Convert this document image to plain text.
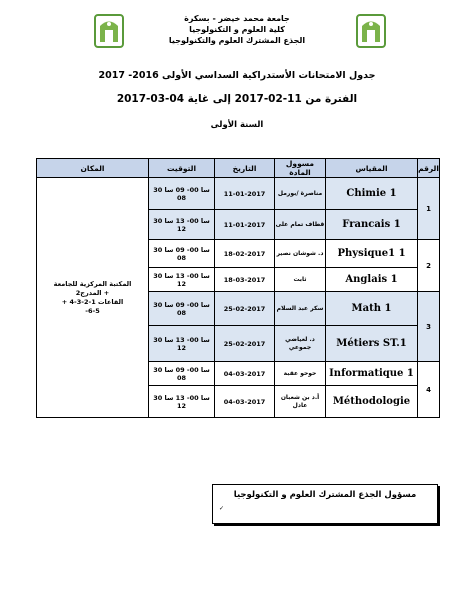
جامعة محمد خيضر - بسكرة
كلية العلوم و التكنولوجيا
الجذع المشترك العلوم والتكنولوجيا
جدول الامتحانات الأستدراكية السداسي الأولى 2016- 2017
الفترة من 11-02-2017 إلى غاية 04-03-2017
السنة الأولى
الرقم	المقياس	مسوول المادة	التاريخ	التوقيت	المكان
1	Chimie 1	مناصرة /بورمل	11-01-2017	سا 00- 09 سا 30 08	المكتبة المركزية للجامعة
+ المدرج2
القاعات 1-2-3-4 +
6-5-

	Francais 1	قطاف تمام على	11-01-2017	سا 00- 13 سا 30 12	
2	Physique1 1	د. شوشان نصير	18-02-2017	سا 00- 09 سا 30 08	
	Anglais 1	ثابت	18-03-2017	سا 00- 13 سا 30 12	
3	Math 1	سكر عبد السلام	25-02-2017	سا 00- 09 سا 30 08	
	Métiers ST.1	د. لعياضي
جموعي	25-02-2017	سا 00- 13 سا 30 12	
4	Informatique 1	حوحو عقبة	04-03-2017	سا 00- 09 سا 30 08	
	Méthodologie	أ.د بن شعبان
عادل	04-03-2017	سا 00- 13 سا 30 12	
مسؤول الجذع المشترك العلوم و التكنولوجيا
✓
